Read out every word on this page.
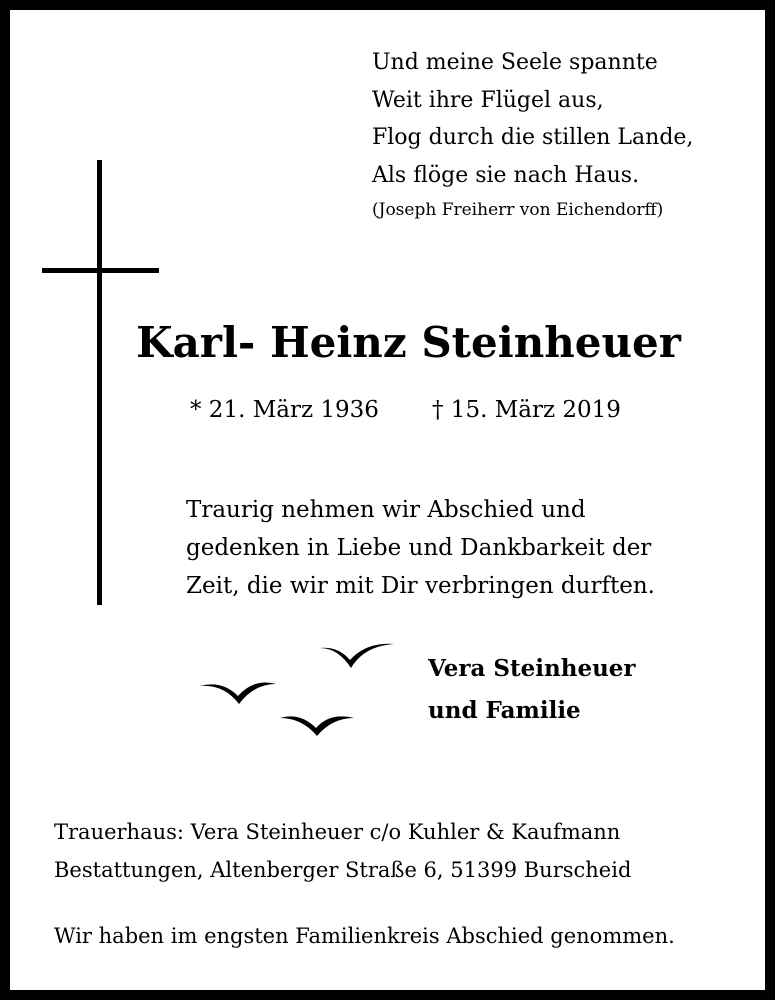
Und meine Seele spannte
Weit ihre Flügel aus,
Flog durch die stillen Lande,
Als flöge sie nach Haus.
(Joseph Freiherr von Eichendorff)
Karl- Heinz Steinheuer
* 21. März 1936 † 15. März 2019
Traurig nehmen wir Abschied und
gedenken in Liebe und Dankbarkeit der
Zeit, die wir mit Dir verbringen durften.
Vera Steinheuer
und Familie
Trauerhaus: Vera Steinheuer c/o Kuhler & Kaufmann
Bestattungen, Altenberger Straße 6, 51399 Burscheid
Wir haben im engsten Familienkreis Abschied genommen.
